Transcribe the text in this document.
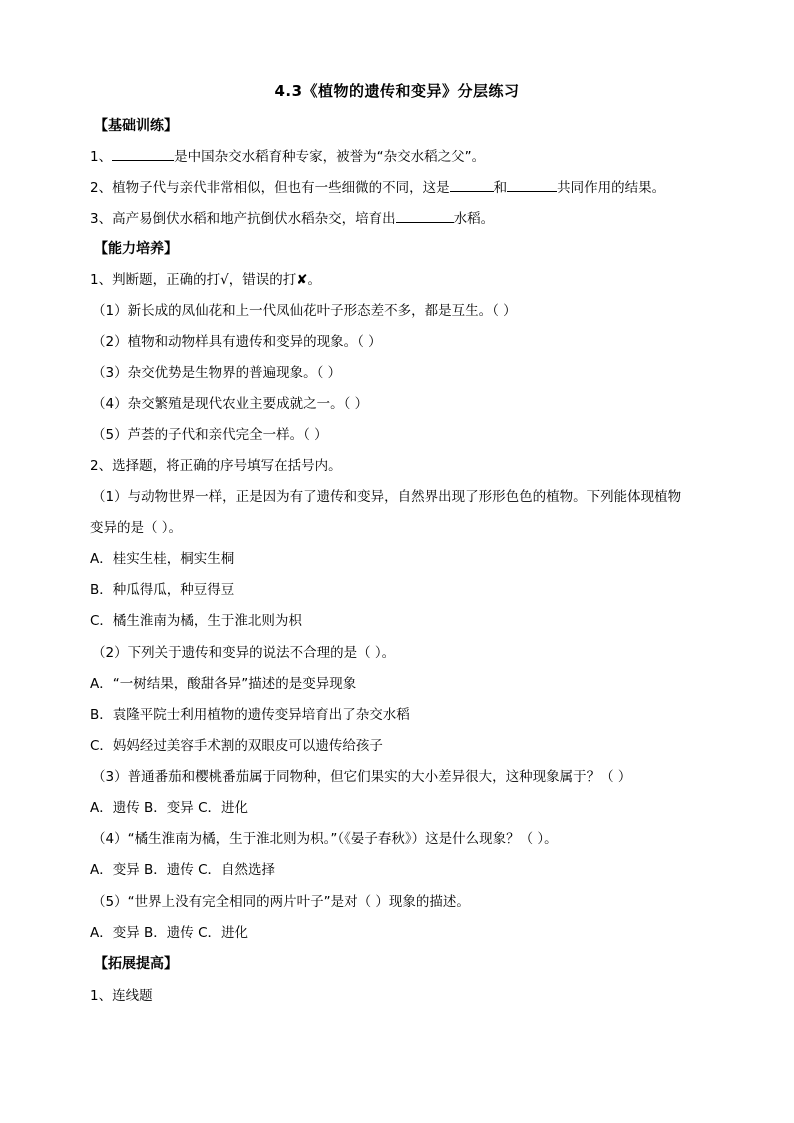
4.3《植物的遗传和变异》分层练习
【基础训练】
1、	是中国杂交水稻育种专家，被誉为“杂交水稻之父”。
2、植物子代与亲代非常相似，但也有一些细微的不同，这是	和	共同作用的结果。
3、高产易倒伏水稻和地产抗倒伏水稻杂交，培育出	水稻。
【能力培养】
1、判断题，正确的打√，错误的打✘。
（1）新长成的凤仙花和上一代凤仙花叶子形态差不多，都是互生。（ ）
（2）植物和动物样具有遗传和变异的现象。（ ）
（3）杂交优势是生物界的普遍现象。（ ）
（4）杂交繁殖是现代农业主要成就之一。（ ）
（5）芦荟的子代和亲代完全一样。（ ）
2、选择题，将正确的序号填写在括号内。
（1）与动物世界一样，正是因为有了遗传和变异，自然界出现了形形色色的植物。下列能体现植物
变异的是（ ）。
A．桂实生桂，桐实生桐
B．种瓜得瓜，种豆得豆
C．橘生淮南为橘，生于淮北则为枳
（2）下列关于遗传和变异的说法不合理的是（ ）。
A．“一树结果，酸甜各异”描述的是变异现象
B．袁隆平院士利用植物的遗传变异培育出了杂交水稻
C．妈妈经过美容手术割的双眼皮可以遗传给孩子
（3）普通番茄和樱桃番茄属于同物种，但它们果实的大小差异很大，这种现象属于？（ ）
A．遗传 B．变异 C．进化
（4）“橘生淮南为橘，生于淮北则为枳。”（《晏子春秋》）这是什么现象？（ ）。
A．变异 B．遗传 C．自然选择
（5）“世界上没有完全相同的两片叶子”是对（ ）现象的描述。
A．变异 B．遗传 C．进化
【拓展提高】
1、连线题
